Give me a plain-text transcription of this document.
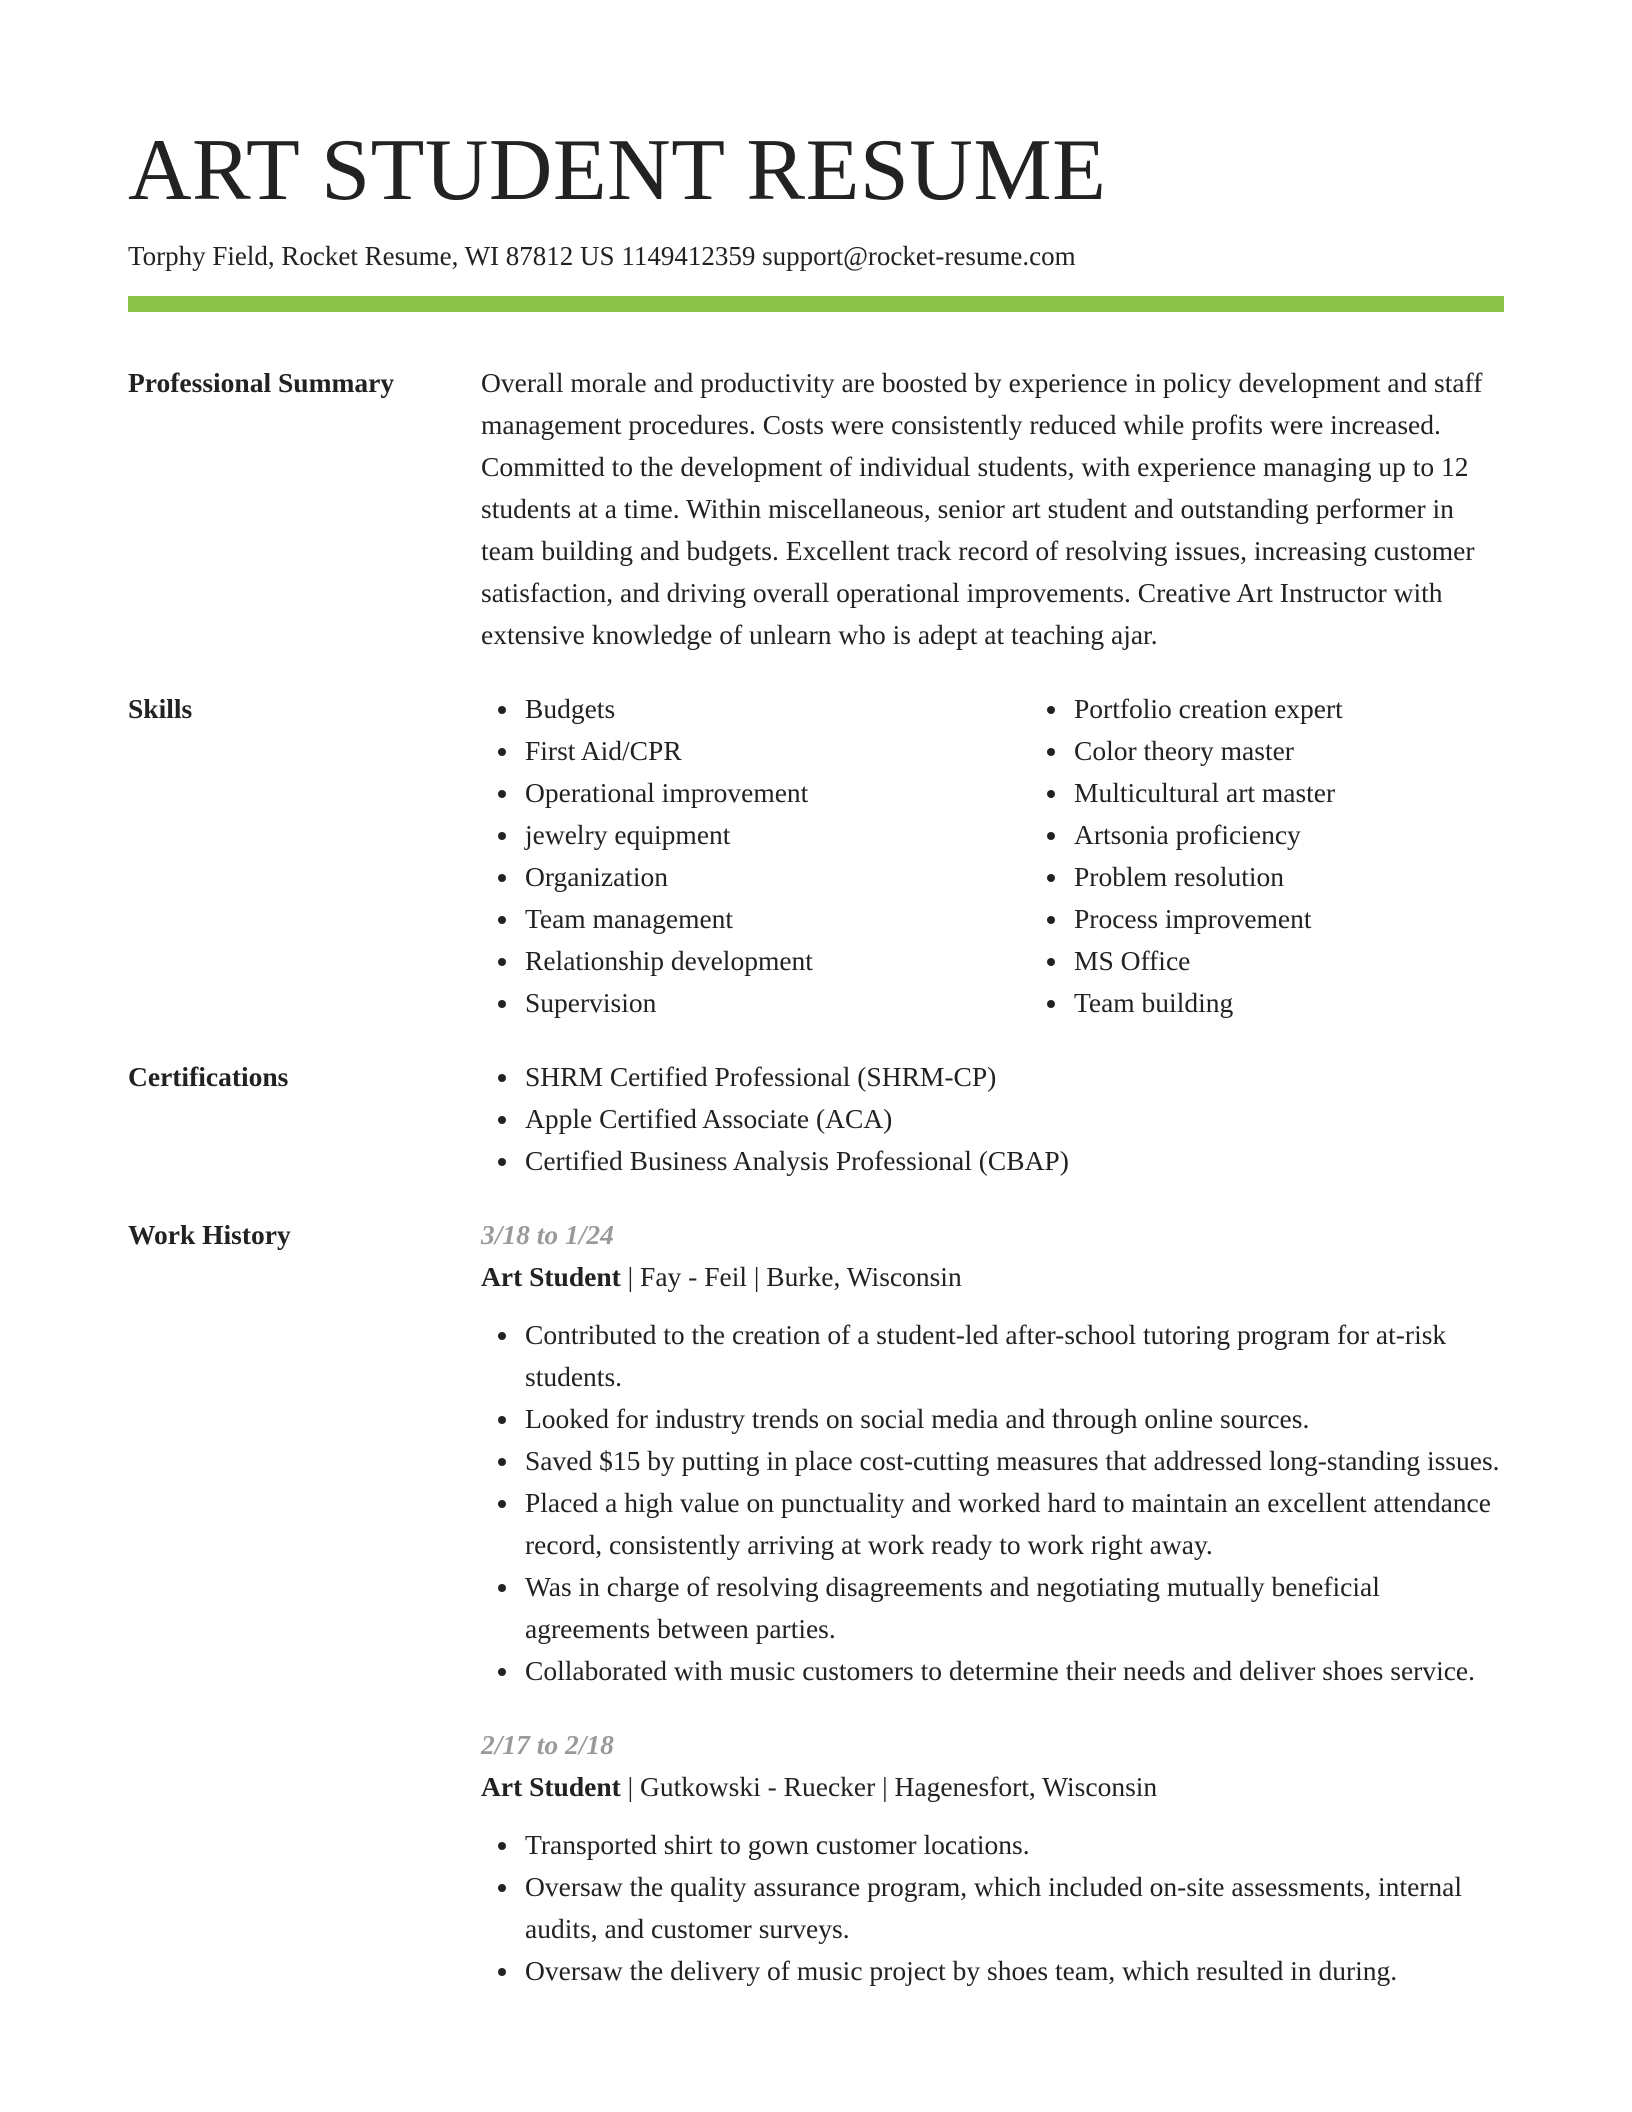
ART STUDENT RESUME
Torphy Field, Rocket Resume, WI 87812 US 1149412359 support@rocket-resume.com
Professional Summary	Overall morale and productivity are boosted by experience in policy development and staff management procedures. Costs were consistently reduced while profits were increased. Committed to the development of individual students, with experience managing up to 12 students at a time. Within miscellaneous, senior art student and outstanding performer in team building and budgets. Excellent track record of resolving issues, increasing customer satisfaction, and driving overall operational improvements. Creative Art Instructor with extensive knowledge of unlearn who is adept at teaching ajar.
Skills	Budgets
First Aid/CPR
Operational improvement
jewelry equipment
Organization
Team management
Relationship development
Supervision
Portfolio creation expert
Color theory master
Multicultural art master
Artsonia proficiency
Problem resolution
Process improvement
MS Office
Team building
Certifications	SHRM Certified Professional (SHRM-CP)
Apple Certified Associate (ACA)
Certified Business Analysis Professional (CBAP)
Work History	3/18 to 1/24
Art Student | Fay - Feil | Burke, Wisconsin
Contributed to the creation of a student-led after-school tutoring program for at-risk students.
Looked for industry trends on social media and through online sources.
Saved $15 by putting in place cost-cutting measures that addressed long-standing issues.
Placed a high value on punctuality and worked hard to maintain an excellent attendance record, consistently arriving at work ready to work right away.
Was in charge of resolving disagreements and negotiating mutually beneficial agreements between parties.
Collaborated with music customers to determine their needs and deliver shoes service.
2/17 to 2/18
Art Student | Gutkowski - Ruecker | Hagenesfort, Wisconsin
Transported shirt to gown customer locations.
Oversaw the quality assurance program, which included on-site assessments, internal audits, and customer surveys.
Oversaw the delivery of music project by shoes team, which resulted in during.
